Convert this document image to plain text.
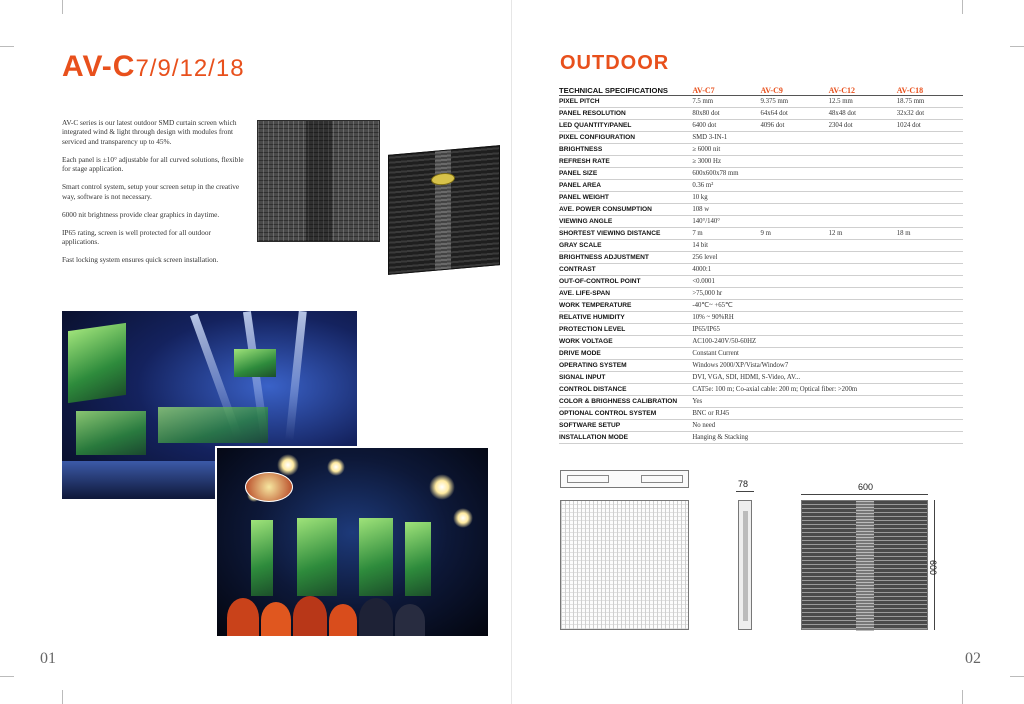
AV-C7/9/12/18

AV-C series is our latest outdoor SMD curtain screen which integrated wind & light through design with modules front serviced and transparency up to 45%.

Each panel is ±10° adjustable for all curved solutions, flexible for stage application.

Smart control system, setup your screen setup in the creative way, software is not necessary.

6000 nit brightness provide clear graphics in daytime.

IP65 rating, screen is well protected for all outdoor applications.

Fast locking system ensures quick screen installation.

01
OUTDOOR
TECHNICAL SPECIFICATIONS	AV-C7	AV-C9	AV-C12	AV-C18
PIXEL PITCH	7.5 mm	9.375 mm	12.5 mm	18.75 mm
PANEL RESOLUTION	80x80 dot	64x64 dot	48x48 dot	32x32 dot
LED QUANTITY/PANEL	6400 dot	4096 dot	2304 dot	1024 dot
PIXEL CONFIGURATION	SMD 3-IN-1			
BRIGHTNESS	≥ 6000 nit			
REFRESH RATE	≥ 3000 Hz			
PANEL SIZE	600x600x78 mm			
PANEL AREA	0.36 m²			
PANEL WEIGHT	10 kg			
AVE. POWER CONSUMPTION	108 w			
VIEWING ANGLE	140°/140°			
SHORTEST VIEWING DISTANCE	7 m	9 m	12 m	18 m
GRAY SCALE	14 bit			
BRIGHTNESS ADJUSTMENT	256 level			
CONTRAST	4000:1			
OUT-OF-CONTROL POINT	<0.0001			
AVE. LIFE-SPAN	>75,000 hr			
WORK TEMPERATURE	-40℃~ +65℃			
RELATIVE HUMIDITY	10% ~ 90%RH			
PROTECTION LEVEL	IP65/IP65			
WORK VOLTAGE	AC100-240V/50-60HZ			
DRIVE MODE	Constant Current			
OPERATING SYSTEM	Windows 2000/XP/Vista/Window7			
SIGNAL INPUT	DVI, VGA, SDI, HDMI, S-Video, AV...			
CONTROL DISTANCE	CAT5e: 100 m; Co-axial cable: 200 m; Optical fiber: >200m			
COLOR & BRIGHNESS CALIBRATION	Yes			
OPTIONAL CONTROL SYSTEM	BNC or RJ45			
SOFTWARE SETUP	No need			
INSTALLATION MODE	Hanging & Stacking			
78	600
600
02
